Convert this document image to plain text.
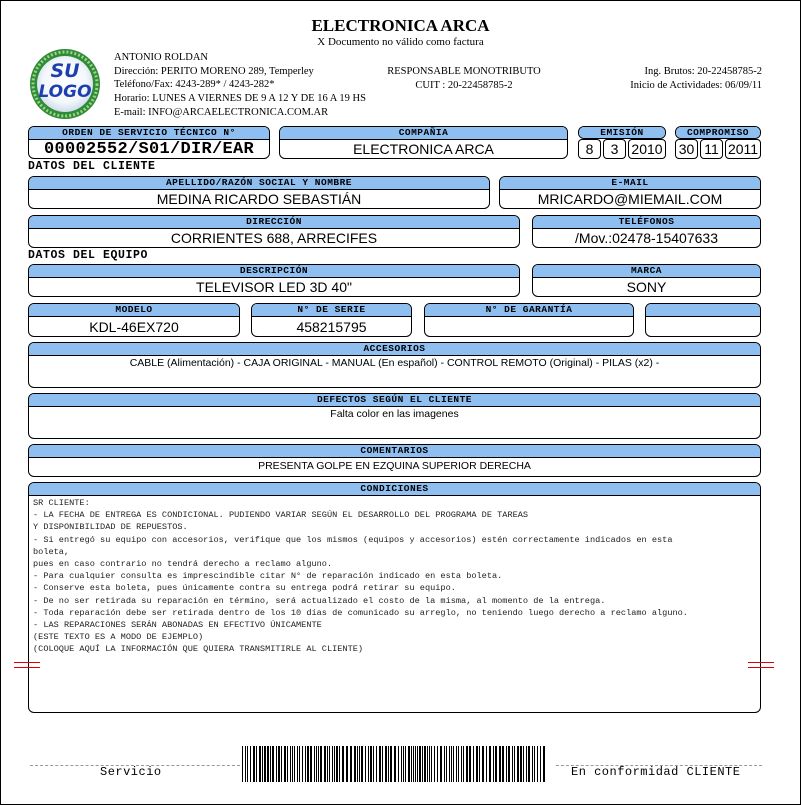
ELECTRONICA ARCA
X Documento no válido como factura
SU
LOGO
ANTONIO ROLDAN
Dirección: PERITO MORENO 289, Temperley
Teléfono/Fax: 4243-289* / 4243-282*
Horario: LUNES A VIERNES DE 9 A 12 Y DE 16 A 19 HS
E-mail: INFO@ARCAELECTRONICA.COM.AR
RESPONSABLE MONOTRIBUTO
CUIT : 20-22458785-2
Ing. Brutos: 20-22458785-2
Inicio de Actividades: 06/09/11
ORDEN DE SERVICIO TÉCNICO N°
00002552/S01/DIR/EAR
COMPAÑIA
ELECTRONICA ARCA
EMISIÓN
8	3 2010
COMPROMISO
30 11 2011
DATOS DEL CLIENTE
APELLIDO/RAZÓN SOCIAL Y NOMBRE
MEDINA RICARDO SEBASTIÁN
E-MAIL
MRICARDO@MIEMAIL.COM
DIRECCIÓN
CORRIENTES 688, ARRECIFES
TELÉFONOS
/Mov.:02478-15407633
DATOS DEL EQUIPO
DESCRIPCIÓN
TELEVISOR LED 3D 40"
MARCA
SONY
MODELO
KDL-46EX720
N° DE SERIE
458215795
N° DE GARANTÍA
ACCESORIOS
CABLE (Alimentación) - CAJA ORIGINAL - MANUAL (En español) - CONTROL REMOTO (Original) - PILAS (x2) -
DEFECTOS SEGÚN EL CLIENTE
Falta color en las imagenes
COMENTARIOS
PRESENTA GOLPE EN EZQUINA SUPERIOR DERECHA
CONDICIONES
SR CLIENTE:
- LA FECHA DE ENTREGA ES CONDICIONAL. PUDIENDO VARIAR SEGÚN EL DESARROLLO DEL PROGRAMA DE TAREAS
Y DISPONIBILIDAD DE REPUESTOS.
- Si entregó su equipo con accesorios, verifique que los mismos (equipos y accesorios) estén correctamente indicados en esta
boleta,
pues en caso contrario no tendrá derecho a reclamo alguno.
- Para cualquier consulta es imprescindible citar N° de reparación indicado en esta boleta.
- Conserve esta boleta, pues únicamente contra su entrega podrá retirar su equipo.
- De no ser retirada su reparación en término, será actualizado el costo de la misma, al momento de la entrega.
- Toda reparación debe ser retirada dentro de los 10 días de comunicado su arreglo, no teniendo luego derecho a reclamo alguno.
- LAS REPARACIONES SERÁN ABONADAS EN EFECTIVO ÚNICAMENTE
(ESTE TEXTO ES A MODO DE EJEMPLO)
(COLOQUE AQUÍ LA INFORMACIÓN QUE QUIERA TRANSMITIRLE AL CLIENTE)
Servicio	En conformidad CLIENTE
